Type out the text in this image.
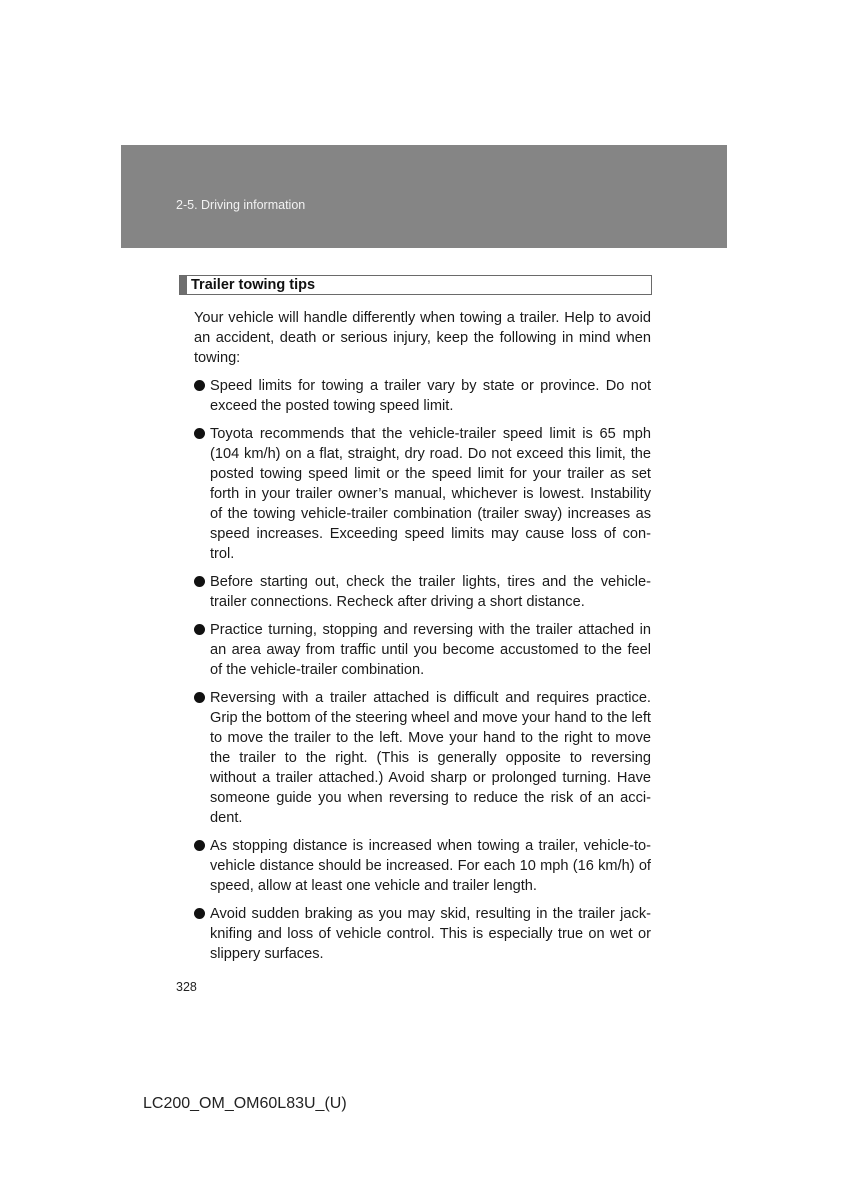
2-5. Driving information
Trailer towing tips

Your vehicle will handle differently when towing a trailer. Help to avoid an accident, death or serious injury, keep the following in mind when towing:

Speed limits for towing a trailer vary by state or province. Do not exceed the posted towing speed limit.
Toyota recommends that the vehicle-trailer speed limit is 65 mph (104 km/h) on a flat, straight, dry road. Do not exceed this limit, the posted towing speed limit or the speed limit for your trailer as set forth in your trailer owner’s manual, whichever is lowest. Instability of the towing vehicle-trailer combination (trailer sway) increases as speed increases. Exceeding speed limits may cause loss of con-trol.
Before starting out, check the trailer lights, tires and the vehicle-trailer connections. Recheck after driving a short distance.
Practice turning, stopping and reversing with the trailer attached in an area away from traffic until you become accustomed to the feel of the vehicle-trailer combination.
Reversing with a trailer attached is difficult and requires practice. Grip the bottom of the steering wheel and move your hand to the left to move the trailer to the left. Move your hand to the right to move the trailer to the right. (This is generally opposite to reversing without a trailer attached.) Avoid sharp or prolonged turning. Have someone guide you when reversing to reduce the risk of an acci-dent.
As stopping distance is increased when towing a trailer, vehicle-to-vehicle distance should be increased. For each 10 mph (16 km/h) of speed, allow at least one vehicle and trailer length.
Avoid sudden braking as you may skid, resulting in the trailer jack-knifing and loss of vehicle control. This is especially true on wet or slippery surfaces.
328
LC200_OM_OM60L83U_(U)
